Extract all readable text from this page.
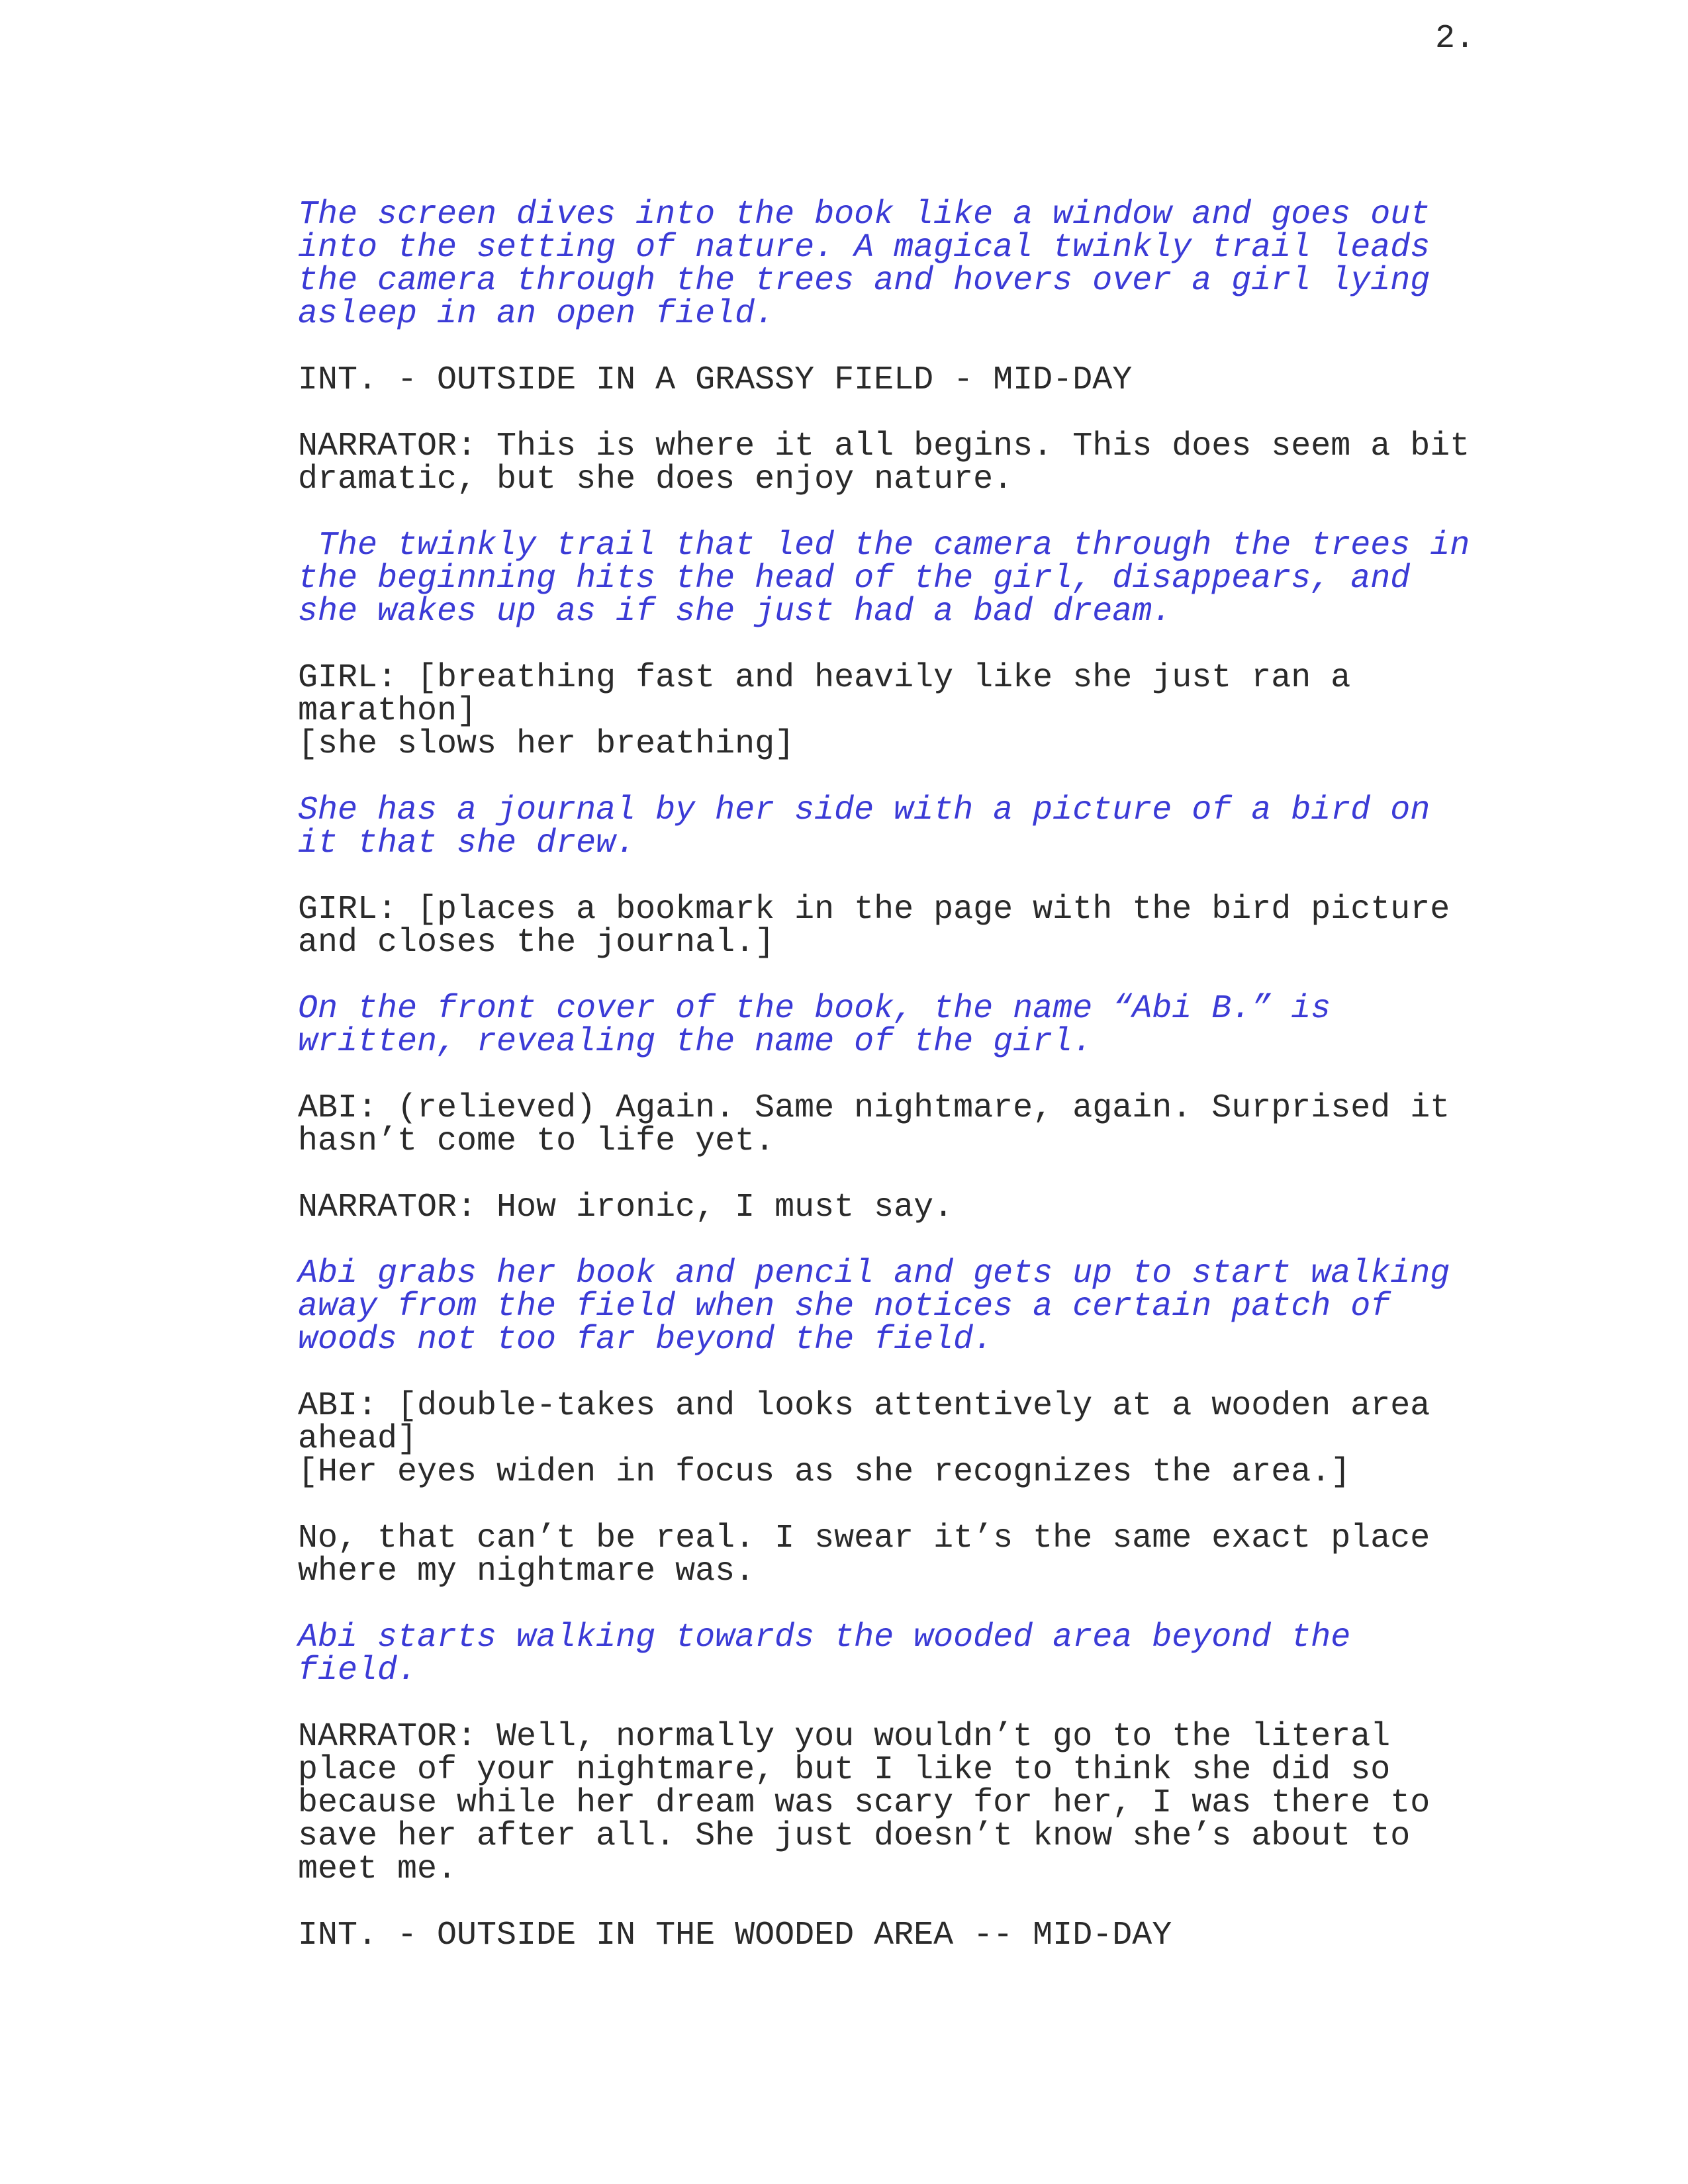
2.
The screen dives into the book like a window and goes out
into the setting of nature. A magical twinkly trail leads
the camera through the trees and hovers over a girl lying
asleep in an open field.
INT. - OUTSIDE IN A GRASSY FIELD - MID-DAY
NARRATOR: This is where it all begins. This does seem a bit
dramatic, but she does enjoy nature.
The twinkly trail that led the camera through the trees in
the beginning hits the head of the girl, disappears, and
she wakes up as if she just had a bad dream.
GIRL: [breathing fast and heavily like she just ran a
marathon]
[she slows her breathing]
She has a journal by her side with a picture of a bird on
it that she drew.
GIRL: [places a bookmark in the page with the bird picture
and closes the journal.]
On the front cover of the book, the name “Abi B.” is
written, revealing the name of the girl.
ABI: (relieved) Again. Same nightmare, again. Surprised it
hasn’t come to life yet.
NARRATOR: How ironic, I must say.
Abi grabs her book and pencil and gets up to start walking
away from the field when she notices a certain patch of
woods not too far beyond the field.
ABI: [double-takes and looks attentively at a wooden area
ahead]
[Her eyes widen in focus as she recognizes the area.]
No, that can’t be real. I swear it’s the same exact place
where my nightmare was.
Abi starts walking towards the wooded area beyond the
field.
NARRATOR: Well, normally you wouldn’t go to the literal
place of your nightmare, but I like to think she did so
because while her dream was scary for her, I was there to
save her after all. She just doesn’t know she’s about to
meet me.
INT. - OUTSIDE IN THE WOODED AREA -- MID-DAY
